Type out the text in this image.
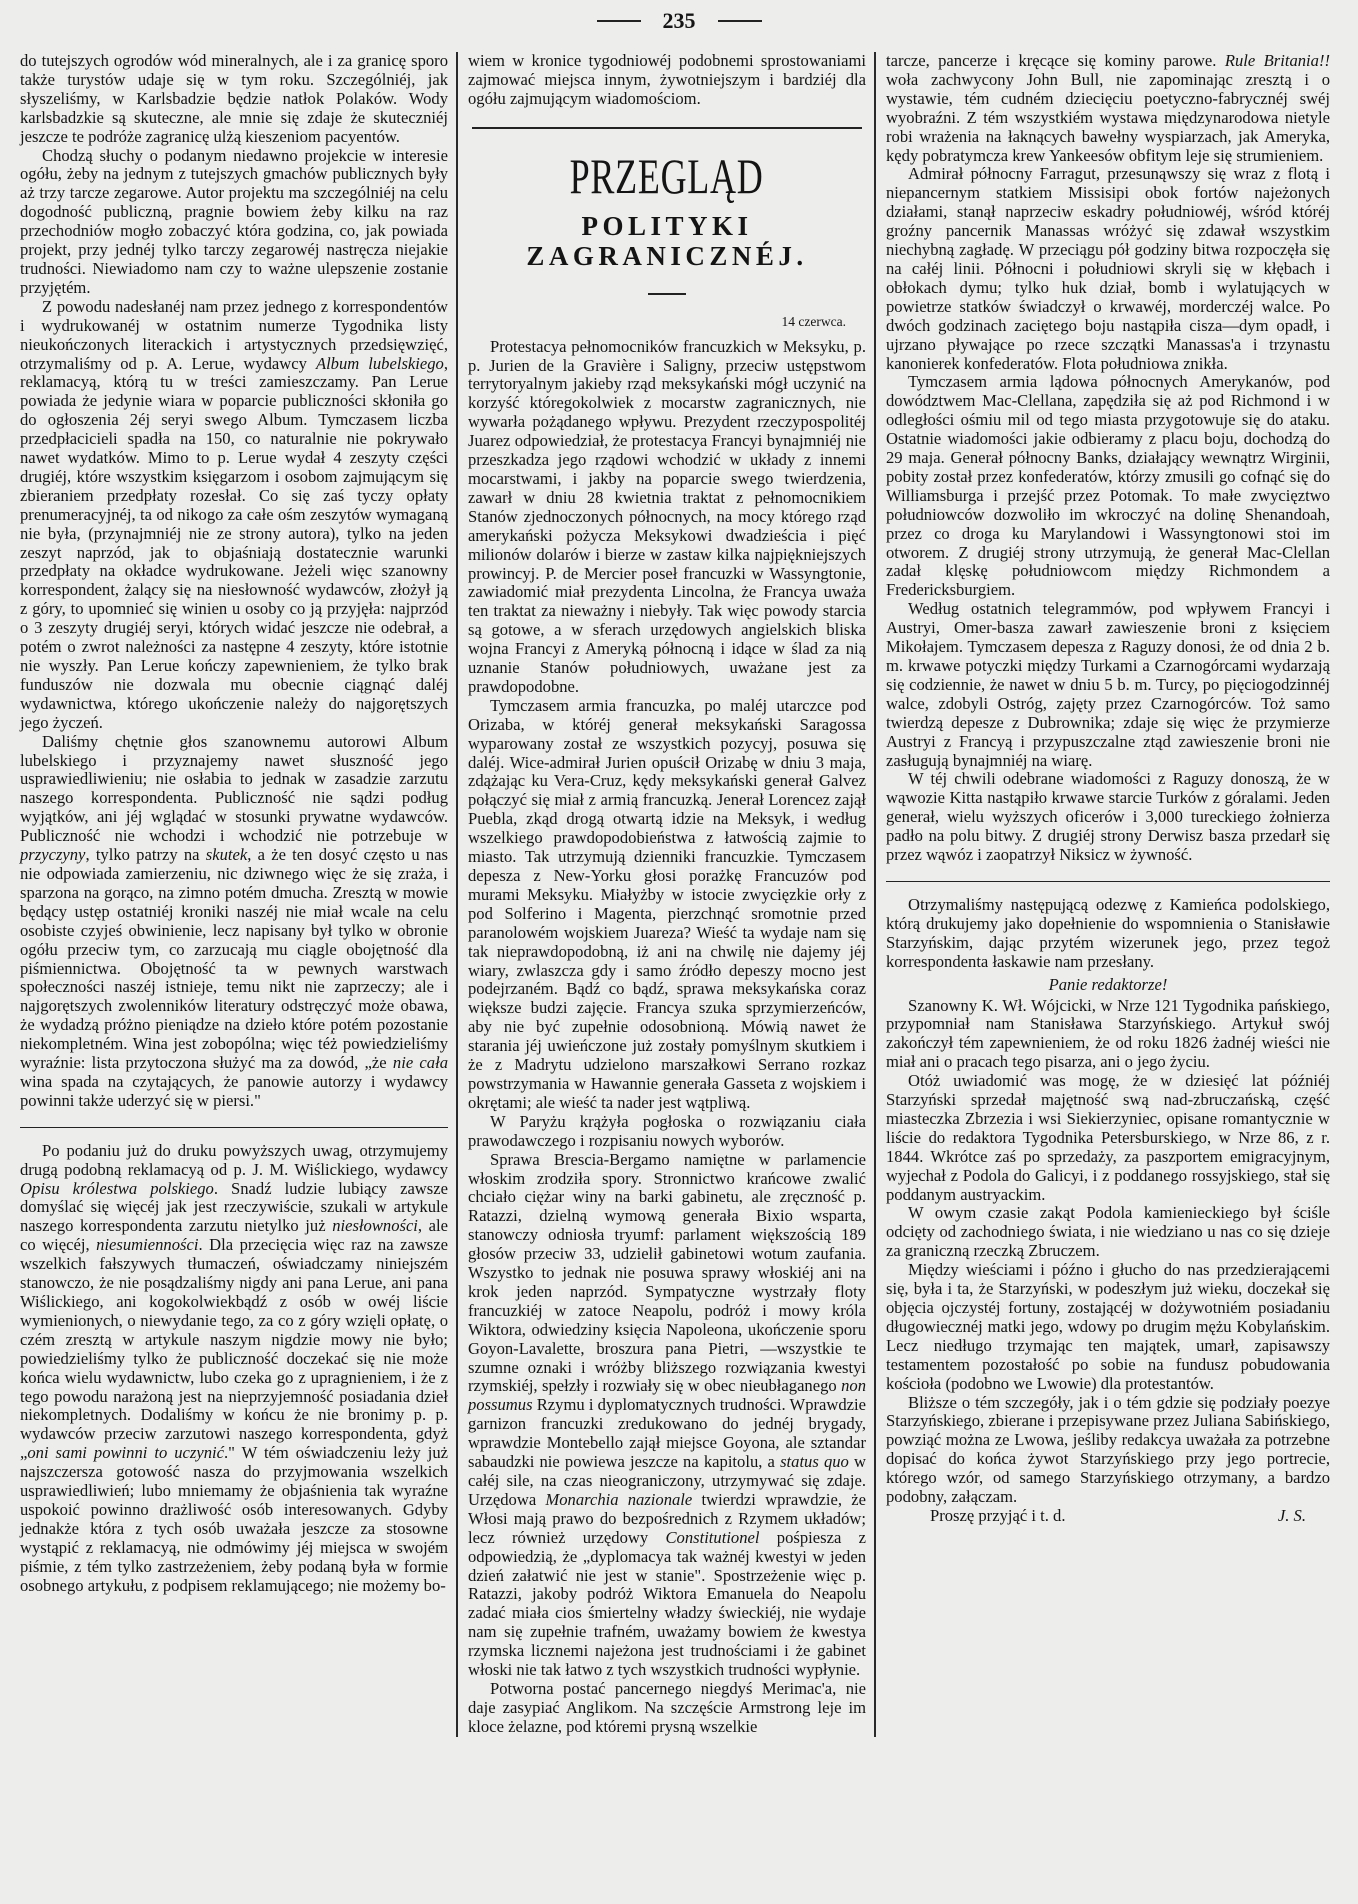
235

do tutejszych ogrodów wód mineralnych, ale i za granicę sporo także turystów udaje się w tym roku. Szczególniéj, jak słyszeliśmy, w Karlsbadzie będzie natłok Polaków. Wody karlsbadzkie są skuteczne, ale mnie się zdaje że skuteczniéj jeszcze te podróże zagranicę ulżą kieszeniom pacyentów.

Chodzą słuchy o podanym niedawno projekcie w interesie ogółu, żeby na jednym z tutejszych gmachów publicznych były aż trzy tarcze zegarowe. Autor projektu ma szczególniéj na celu dogodność publiczną, pragnie bowiem żeby kilku na raz przechodniów mogło zobaczyć która godzina, co, jak powiada projekt, przy jednéj tylko tarczy zegarowéj nastręcza niejakie trudności. Niewiadomo nam czy to ważne ulepszenie zostanie przyjętém.

Z powodu nadesłanéj nam przez jednego z korrespondentów i wydrukowanéj w ostatnim numerze Tygodnika listy nieukończonych literackich i artystycznych przedsięwzięć, otrzymaliśmy od p. A. Lerue, wydawcy Album lubelskiego, reklamacyą, którą tu w treści zamieszczamy. Pan Lerue powiada że jedynie wiara w poparcie publiczności skłoniła go do ogłoszenia 2éj seryi swego Album. Tymczasem liczba przedpłacicieli spadła na 150, co naturalnie nie pokrywało nawet wydatków. Mimo to p. Lerue wydał 4 zeszyty części drugiéj, które wszystkim księgarzom i osobom zajmującym się zbieraniem przedpłaty rozesłał. Co się zaś tyczy opłaty prenumeracyjnéj, ta od nikogo za całe ośm zeszytów wymaganą nie była, (przynajmniéj nie ze strony autora), tylko na jeden zeszyt naprzód, jak to objaśniają dostatecznie warunki przedpłaty na okładce wydrukowane. Jeżeli więc szanowny korrespondent, żalący się na niesłowność wydawców, złożył ją z góry, to upomnieć się winien u osoby co ją przyjęła: najprzód o 3 zeszyty drugiéj seryi, których widać jeszcze nie odebrał, a potém o zwrot należności za następne 4 zeszyty, które istotnie nie wyszły. Pan Lerue kończy zapewnieniem, że tylko brak funduszów nie dozwala mu obecnie ciągnąć daléj wydawnictwa, którego ukończenie należy do najgorętszych jego życzeń.

Daliśmy chętnie głos szanownemu autorowi Album lubelskiego i przyznajemy nawet słuszność jego usprawiedliwieniu; nie osłabia to jednak w zasadzie zarzutu naszego korrespondenta. Publiczność nie sądzi podług wyjątków, ani jéj wglądać w stosunki prywatne wydawców. Publiczność nie wchodzi i wchodzić nie potrzebuje w przyczyny, tylko patrzy na skutek, a że ten dosyć często u nas nie odpowiada zamierzeniu, nic dziwnego więc że się zraża, i sparzona na gorąco, na zimno potém dmucha. Zresztą w mowie będący ustęp ostatniéj kroniki naszéj nie miał wcale na celu osobiste czyjeś obwinienie, lecz napisany był tylko w obronie ogółu przeciw tym, co zarzucają mu ciągle obojętność dla piśmiennictwa. Obojętność ta w pewnych warstwach społeczności naszéj istnieje, temu nikt nie zaprzeczy; ale i najgorętszych zwolenników literatury odstręczyć może obawa, że wydadzą próżno pieniądze na dzieło które potém pozostanie niekompletném. Wina jest zobopólna; więc téż powiedzieliśmy wyraźnie: lista przytoczona służyć ma za dowód, „że nie cała wina spada na czytających, że panowie autorzy i wydawcy powinni także uderzyć się w piersi."

Po podaniu już do druku powyższych uwag, otrzymujemy drugą podobną reklamacyą od p. J. M. Wiślickiego, wydawcy Opisu królestwa polskiego. Snadź ludzie lubiący zawsze domyślać się więcéj jak jest rzeczywiście, szukali w artykule naszego korrespondenta zarzutu nietylko już niesłowności, ale co więcéj, niesumienności. Dla przecięcia więc raz na zawsze wszelkich fałszywych tłumaczeń, oświadczamy niniejszém stanowczo, że nie posądzaliśmy nigdy ani pana Lerue, ani pana Wiślickiego, ani kogokolwiekbądź z osób w owéj liście wymienionych, o niewydanie tego, za co z góry wzięli opłatę, o czém zresztą w artykule naszym nigdzie mowy nie było; powiedzieliśmy tylko że publiczność doczekać się nie może końca wielu wydawnictw, lubo czeka go z upragnieniem, i że z tego powodu narażoną jest na nieprzyjemność posiadania dzieł niekompletnych. Dodaliśmy w końcu że nie bronimy p. p. wydawców przeciw zarzutowi naszego korrespondenta, gdyż „oni sami powinni to uczynić." W tém oświadczeniu leży już najszczersza gotowość nasza do przyjmowania wszelkich usprawiedliwień; lubo mniemamy że objaśnienia tak wyraźne uspokoić powinno drażliwość osób interesowanych. Gdyby jednakże która z tych osób uważała jeszcze za stosowne wystąpić z reklamacyą, nie odmówimy jéj miejsca w swojém piśmie, z tém tylko zastrzeżeniem, żeby podaną była w formie osobnego artykułu, z podpisem reklamującego; nie możemy bo-

wiem w kronice tygodniowéj podobnemi sprostowaniami zajmować miejsca innym, żywotniejszym i bardziéj dla ogółu zajmującym wiadomościom.

PRZEGLĄD
POLITYKI ZAGRANICZNÉJ.
14 czerwca.

Protestacya pełnomocników francuzkich w Meksyku, p. p. Jurien de la Gravière i Saligny, przeciw ustępstwom terrytoryalnym jakieby rząd meksykański mógł uczynić na korzyść któregokolwiek z mocarstw zagranicznych, nie wywarła pożądanego wpływu. Prezydent rzeczypospolitéj Juarez odpowiedział, że protestacya Francyi bynajmniéj nie przeszkadza jego rządowi wchodzić w układy z innemi mocarstwami, i jakby na poparcie swego twierdzenia, zawarł w dniu 28 kwietnia traktat z pełnomocnikiem Stanów zjednoczonych północnych, na mocy którego rząd amerykański pożycza Meksykowi dwadzieścia i pięć milionów dolarów i bierze w zastaw kilka najpiękniejszych prowincyj. P. de Mercier poseł francuzki w Wassyngtonie, zawiadomić miał prezydenta Lincolna, że Francya uważa ten traktat za nieważny i niebyły. Tak więc powody starcia są gotowe, a w sferach urzędowych angielskich bliska wojna Francyi z Ameryką północną i idące w ślad za nią uznanie Stanów południowych, uważane jest za prawdopodobne.

Tymczasem armia francuzka, po maléj utarczce pod Orizaba, w któréj generał meksykański Saragossa wyparowany został ze wszystkich pozycyj, posuwa się daléj. Wice-admirał Jurien opuścił Orizabę w dniu 3 maja, zdążając ku Vera-Cruz, kędy meksykański generał Galvez połączyć się miał z armią francuzką. Jenerał Lorencez zajął Puebla, zkąd drogą otwartą idzie na Meksyk, i według wszelkiego prawdopodobieństwa z łatwością zajmie to miasto. Tak utrzymują dzienniki francuzkie. Tymczasem depesza z New-Yorku głosi porażkę Francuzów pod murami Meksyku. Miałyżby w istocie zwycięzkie orły z pod Solferino i Magenta, pierzchnąć sromotnie przed paranolowém wojskiem Juareza? Wieść ta wydaje nam się tak nieprawdopodobną, iż ani na chwilę nie dajemy jéj wiary, zwlaszcza gdy i samo źródło depeszy mocno jest podejrzaném. Bądź co bądź, sprawa meksykańska coraz większe budzi zajęcie. Francya szuka sprzymierzeńców, aby nie być zupełnie odosobnioną. Mówią nawet że starania jéj uwieńczone już zostały pomyślnym skutkiem i że z Madrytu udzielono marszałkowi Serrano rozkaz powstrzymania w Hawannie generała Gasseta z wojskiem i okrętami; ale wieść ta nader jest wątpliwą.

W Paryżu krążyła pogłoska o rozwiązaniu ciała prawodawczego i rozpisaniu nowych wyborów.

Sprawa Brescia-Bergamo namiętne w parlamencie włoskim zrodziła spory. Stronnictwo krańcowe zwalić chciało ciężar winy na barki gabinetu, ale zręczność p. Ratazzi, dzielną wymową generała Bixio wsparta, stanowczy odniosła tryumf: parlament większością 189 głosów przeciw 33, udzielił gabinetowi wotum zaufania. Wszystko to jednak nie posuwa sprawy włoskiéj ani na krok jeden naprzód. Sympatyczne wystrzały floty francuzkiéj w zatoce Neapolu, podróż i mowy króla Wiktora, odwiedziny księcia Napoleona, ukończenie sporu Goyon-Lavalette, broszura pana Pietri, —wszystkie te szumne oznaki i wróżby bliższego rozwiązania kwestyi rzymskiéj, spełzły i rozwiały się w obec nieubłaganego non possumus Rzymu i dyplomatycznych trudności. Wprawdzie garnizon francuzki zredukowano do jednéj brygady, wprawdzie Montebello zajął miejsce Goyona, ale sztandar sabaudzki nie powiewa jeszcze na kapitolu, a status quo w całéj sile, na czas nieograniczony, utrzymywać się zdaje. Urzędowa Monarchia nazionale twierdzi wprawdzie, że Włosi mają prawo do bezpośrednich z Rzymem układów; lecz również urzędowy Constitutionel pośpiesza z odpowiedzią, że „dyplomacya tak ważnéj kwestyi w jeden dzień załatwić nie jest w stanie". Spostrzeżenie więc p. Ratazzi, jakoby podróż Wiktora Emanuela do Neapolu zadać miała cios śmiertelny władzy świeckiéj, nie wydaje nam się zupełnie trafném, uważamy bowiem że kwestya rzymska licznemi najeżona jest trudnościami i że gabinet włoski nie tak łatwo z tych wszystkich trudności wypłynie.

Potworna postać pancernego niegdyś Merimac'a, nie daje zasypiać Anglikom. Na szczęście Armstrong leje im kloce żelazne, pod któremi prysną wszelkie

tarcze, pancerze i kręcące się kominy parowe. Rule Britania!! woła zachwycony John Bull, nie zapominając zresztą i o wystawie, tém cudném dziecięciu poetyczno-fabrycznéj swéj wyobraźni. Z tém wszystkiém wystawa międzynarodowa nietyle robi wrażenia na łaknących bawełny wyspiarzach, jak Ameryka, kędy pobratymcza krew Yankeesów obfitym leje się strumieniem.

Admirał północny Farragut, przesunąwszy się wraz z flotą i niepancernym statkiem Missisipi obok fortów najeżonych działami, stanął naprzeciw eskadry południowéj, wśród któréj groźny pancernik Manassas wróżyć się zdawał wszystkim niechybną zagładę. W przeciągu pół godziny bitwa rozpoczęła się na całéj linii. Północni i południowi skryli się w kłębach i obłokach dymu; tylko huk dział, bomb i wylatujących w powietrze statków świadczył o krwawéj, morderczéj walce. Po dwóch godzinach zaciętego boju nastąpiła cisza—dym opadł, i ujrzano pływające po rzece szczątki Manassas'a i trzynastu kanonierek konfederatów. Flota południowa znikła.

Tymczasem armia lądowa północnych Amerykanów, pod dowództwem Mac-Clellana, zapędziła się aż pod Richmond i w odległości ośmiu mil od tego miasta przygotowuje się do ataku. Ostatnie wiadomości jakie odbieramy z placu boju, dochodzą do 29 maja. Generał północny Banks, działający wewnątrz Wirginii, pobity został przez konfederatów, którzy zmusili go cofnąć się do Williamsburga i przejść przez Potomak. To małe zwycięztwo południowców dozwoliło im wkroczyć na dolinę Shenandoah, przez co droga ku Marylandowi i Wassyngtonowi stoi im otworem. Z drugiéj strony utrzymują, że generał Mac-Clellan zadał klęskę południowcom między Richmondem a Fredericksburgiem.

Według ostatnich telegrammów, pod wpływem Francyi i Austryi, Omer-basza zawarł zawieszenie broni z księciem Mikołajem. Tymczasem depesza z Raguzy donosi, że od dnia 2 b. m. krwawe potyczki między Turkami a Czarnogórcami wydarzają się codziennie, że nawet w dniu 5 b. m. Turcy, po pięciogodzinnéj walce, zdobyli Ostróg, zajęty przez Czarnogórców. Toż samo twierdzą depesze z Dubrownika; zdaje się więc że przymierze Austryi z Francyą i przypuszczalne ztąd zawieszenie broni nie zasługują bynajmniéj na wiarę.

W téj chwili odebrane wiadomości z Raguzy donoszą, że w wąwozie Kitta nastąpiło krwawe starcie Turków z góralami. Jeden generał, wielu wyższych oficerów i 3,000 tureckiego żołnierza padło na polu bitwy. Z drugiéj strony Derwisz basza przedarł się przez wąwóz i zaopatrzył Niksicz w żywność.

Otrzymaliśmy następującą odezwę z Kamieńca podolskiego, którą drukujemy jako dopełnienie do wspomnienia o Stanisławie Starzyńskim, dając przytém wizerunek jego, przez tegoż korrespondenta łaskawie nam przesłany.

Panie redaktorze!

Szanowny K. Wł. Wójcicki, w Nrze 121 Tygodnika pańskiego, przypomniał nam Stanisława Starzyńskiego. Artykuł swój zakończył tém zapewnieniem, że od roku 1826 żadnéj wieści nie miał ani o pracach tego pisarza, ani o jego życiu.

Otóż uwiadomić was mogę, że w dziesięć lat późniéj Starzyński sprzedał majętność swą nad-zbruczańską, część miasteczka Zbrzezia i wsi Siekierzyniec, opisane romantycznie w liście do redaktora Tygodnika Petersburskiego, w Nrze 86, z r. 1844. Wkrótce zaś po sprzedaży, za paszportem emigracyjnym, wyjechał z Podola do Galicyi, i z poddanego rossyjskiego, stał się poddanym austryackim.

W owym czasie zakąt Podola kamienieckiego był ściśle odcięty od zachodniego świata, i nie wiedziano u nas co się dzieje za graniczną rzeczką Zbruczem.

Między wieściami i późno i głucho do nas przedzierającemi się, była i ta, że Starzyński, w podeszłym już wieku, doczekał się objęcia ojczystéj fortuny, zostającéj w dożywotniém posiadaniu długowiecznéj matki jego, wdowy po drugim mężu Kobylańskim. Lecz niedługo trzymając ten majątek, umarł, zapisawszy testamentem pozostałość po sobie na fundusz pobudowania kościoła (podobno we Lwowie) dla protestantów.

Bliższe o tém szczegóły, jak i o tém gdzie się podziały poezye Starzyńskiego, zbierane i przepisywane przez Juliana Sabińskiego, powziąć można ze Lwowa, jeśliby redakcya uważała za potrzebne dopisać do końca żywot Starzyńskiego przy jego portrecie, którego wzór, od samego Starzyńskiego otrzymany, a bardzo podobny, załączam.

Proszę przyjąć i t. d.	J. S.
